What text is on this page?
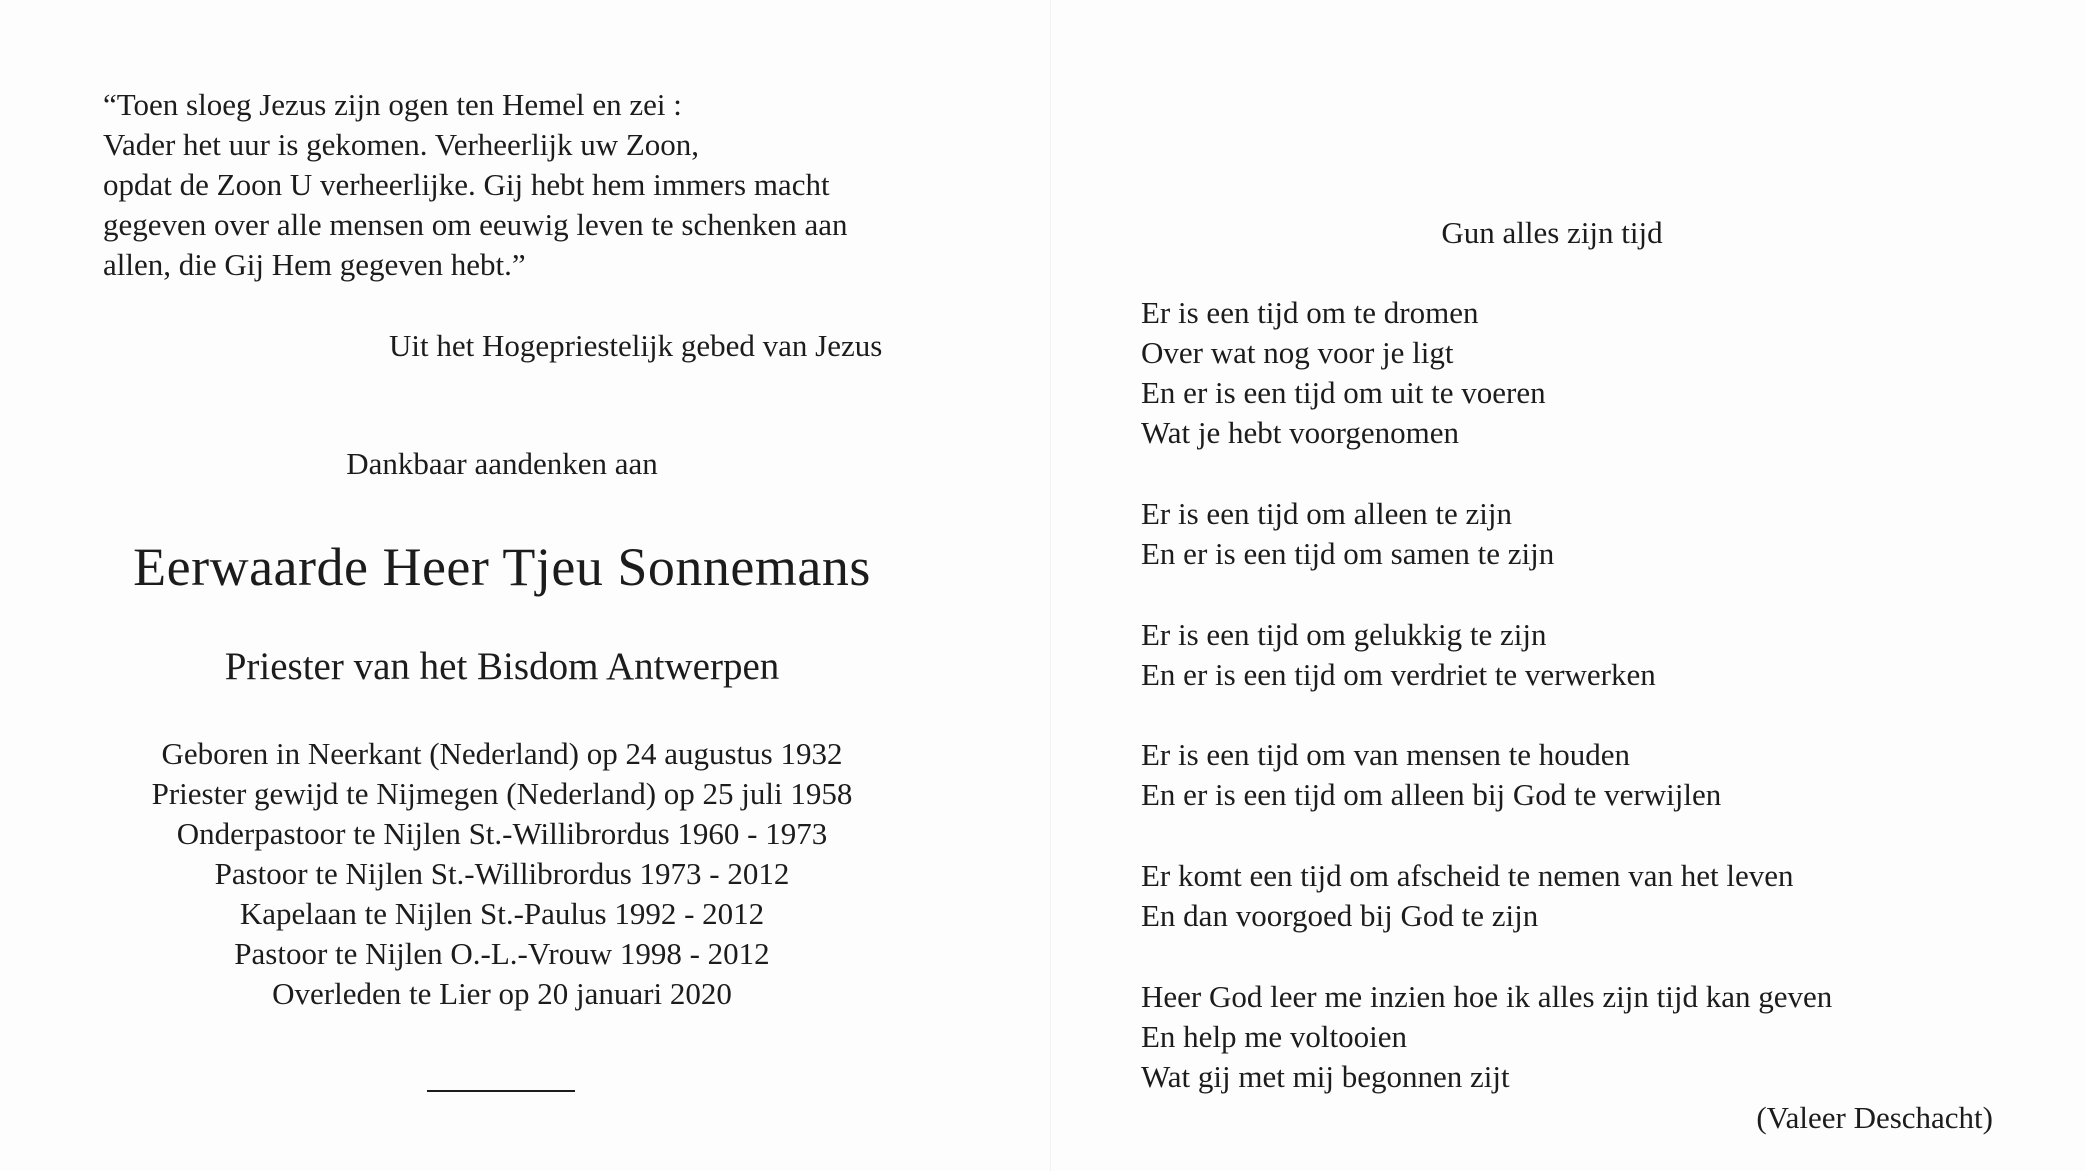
“Toen sloeg Jezus zijn ogen ten Hemel en zei :
Vader het uur is gekomen. Verheerlijk uw Zoon,
opdat de Zoon U verheerlijke. Gij hebt hem immers macht
gegeven over alle mensen om eeuwig leven te schenken aan
allen, die Gij Hem gegeven hebt.”
Uit het Hogepriestelijk gebed van Jezus
Dankbaar aandenken aan
Eerwaarde Heer Tjeu Sonnemans
Priester van het Bisdom Antwerpen
Geboren in Neerkant (Nederland) op 24 augustus 1932
Priester gewijd te Nijmegen (Nederland) op 25 juli 1958
Onderpastoor te Nijlen St.-Willibrordus 1960 - 1973
Pastoor te Nijlen St.-Willibrordus 1973 - 2012
Kapelaan te Nijlen St.-Paulus 1992 - 2012
Pastoor te Nijlen O.-L.-Vrouw 1998 - 2012
Overleden te Lier op 20 januari 2020
Gun alles zijn tijd
Er is een tijd om te dromen
Over wat nog voor je ligt
En er is een tijd om uit te voeren
Wat je hebt voorgenomen
Er is een tijd om alleen te zijn
En er is een tijd om samen te zijn
Er is een tijd om gelukkig te zijn
En er is een tijd om verdriet te verwerken
Er is een tijd om van mensen te houden
En er is een tijd om alleen bij God te verwijlen
Er komt een tijd om afscheid te nemen van het leven
En dan voorgoed bij God te zijn
Heer God leer me inzien hoe ik alles zijn tijd kan geven
En help me voltooien
Wat gij met mij begonnen zijt
(Valeer Deschacht)
